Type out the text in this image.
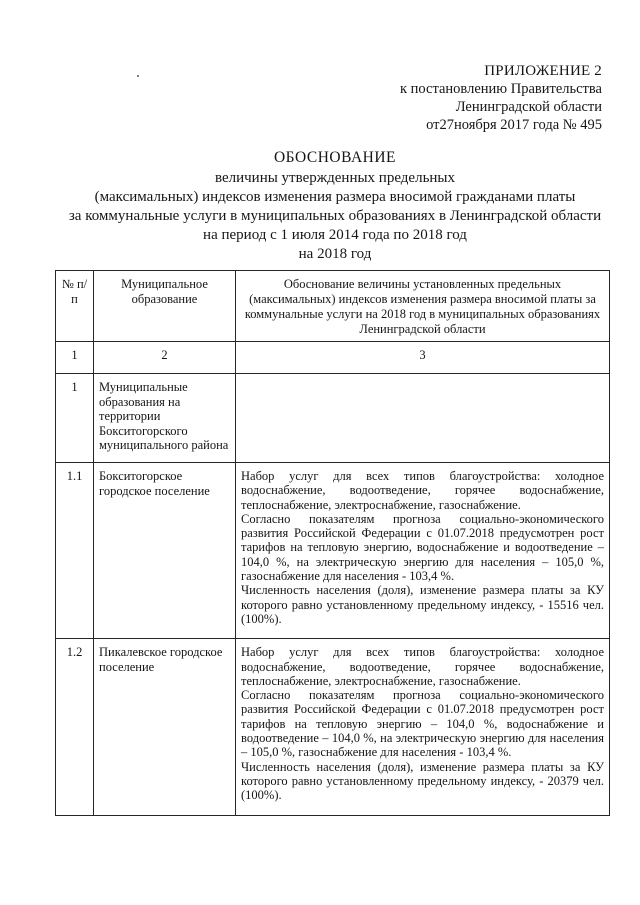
ПРИЛОЖЕНИЕ 2
к постановлению Правительства
Ленинградской области
от27ноября 2017 года № 495
ОБОСНОВАНИЕ
величины утвержденных предельных
(максимальных) индексов изменения размера вносимой гражданами платы
за коммунальные услуги в муниципальных образованиях в Ленинградской области
на период с 1 июля 2014 года по 2018 год
на 2018 год
№ п/п	Муниципальное образование	Обоснование величины установленных предельных (максимальных) индексов изменения размера вносимой платы за коммунальные услуги на 2018 год в муниципальных образованиях Ленинградской области
1	2	3
1	Муниципальные образования на территории Бокситогорского муниципального района	
1.1	Бокситогорское городское поселение	Набор услуг для всех типов благоустройства: холодное водоснабжение, водоотведение, горячее водоснабжение, теплоснабжение, электроснабжение, газоснабжение.

Согласно показателям прогноза социально-экономического развития Российской Федерации с 01.07.2018 предусмотрен рост тарифов на тепловую энергию, водоснабжение и водоотведение – 104,0 %, на электрическую энергию для населения – 105,0 %, газоснабжение для населения - 103,4 %.

Численность населения (доля), изменение размера платы за КУ которого равно установленному предельному индексу, - 15516 чел. (100%).

1.2	Пикалевское городское поселение	Набор услуг для всех типов благоустройства: холодное водоснабжение, водоотведение, горячее водоснабжение, теплоснабжение, электроснабжение, газоснабжение.

Согласно показателям прогноза социально-экономического развития Российской Федерации с 01.07.2018 предусмотрен рост тарифов на тепловую энергию – 104,0 %, водоснабжение и водоотведение – 104,0 %, на электрическую энергию для населения – 105,0 %, газоснабжение для населения - 103,4 %.

Численность населения (доля), изменение размера платы за КУ которого равно установленному предельному индексу, - 20379 чел. (100%).
